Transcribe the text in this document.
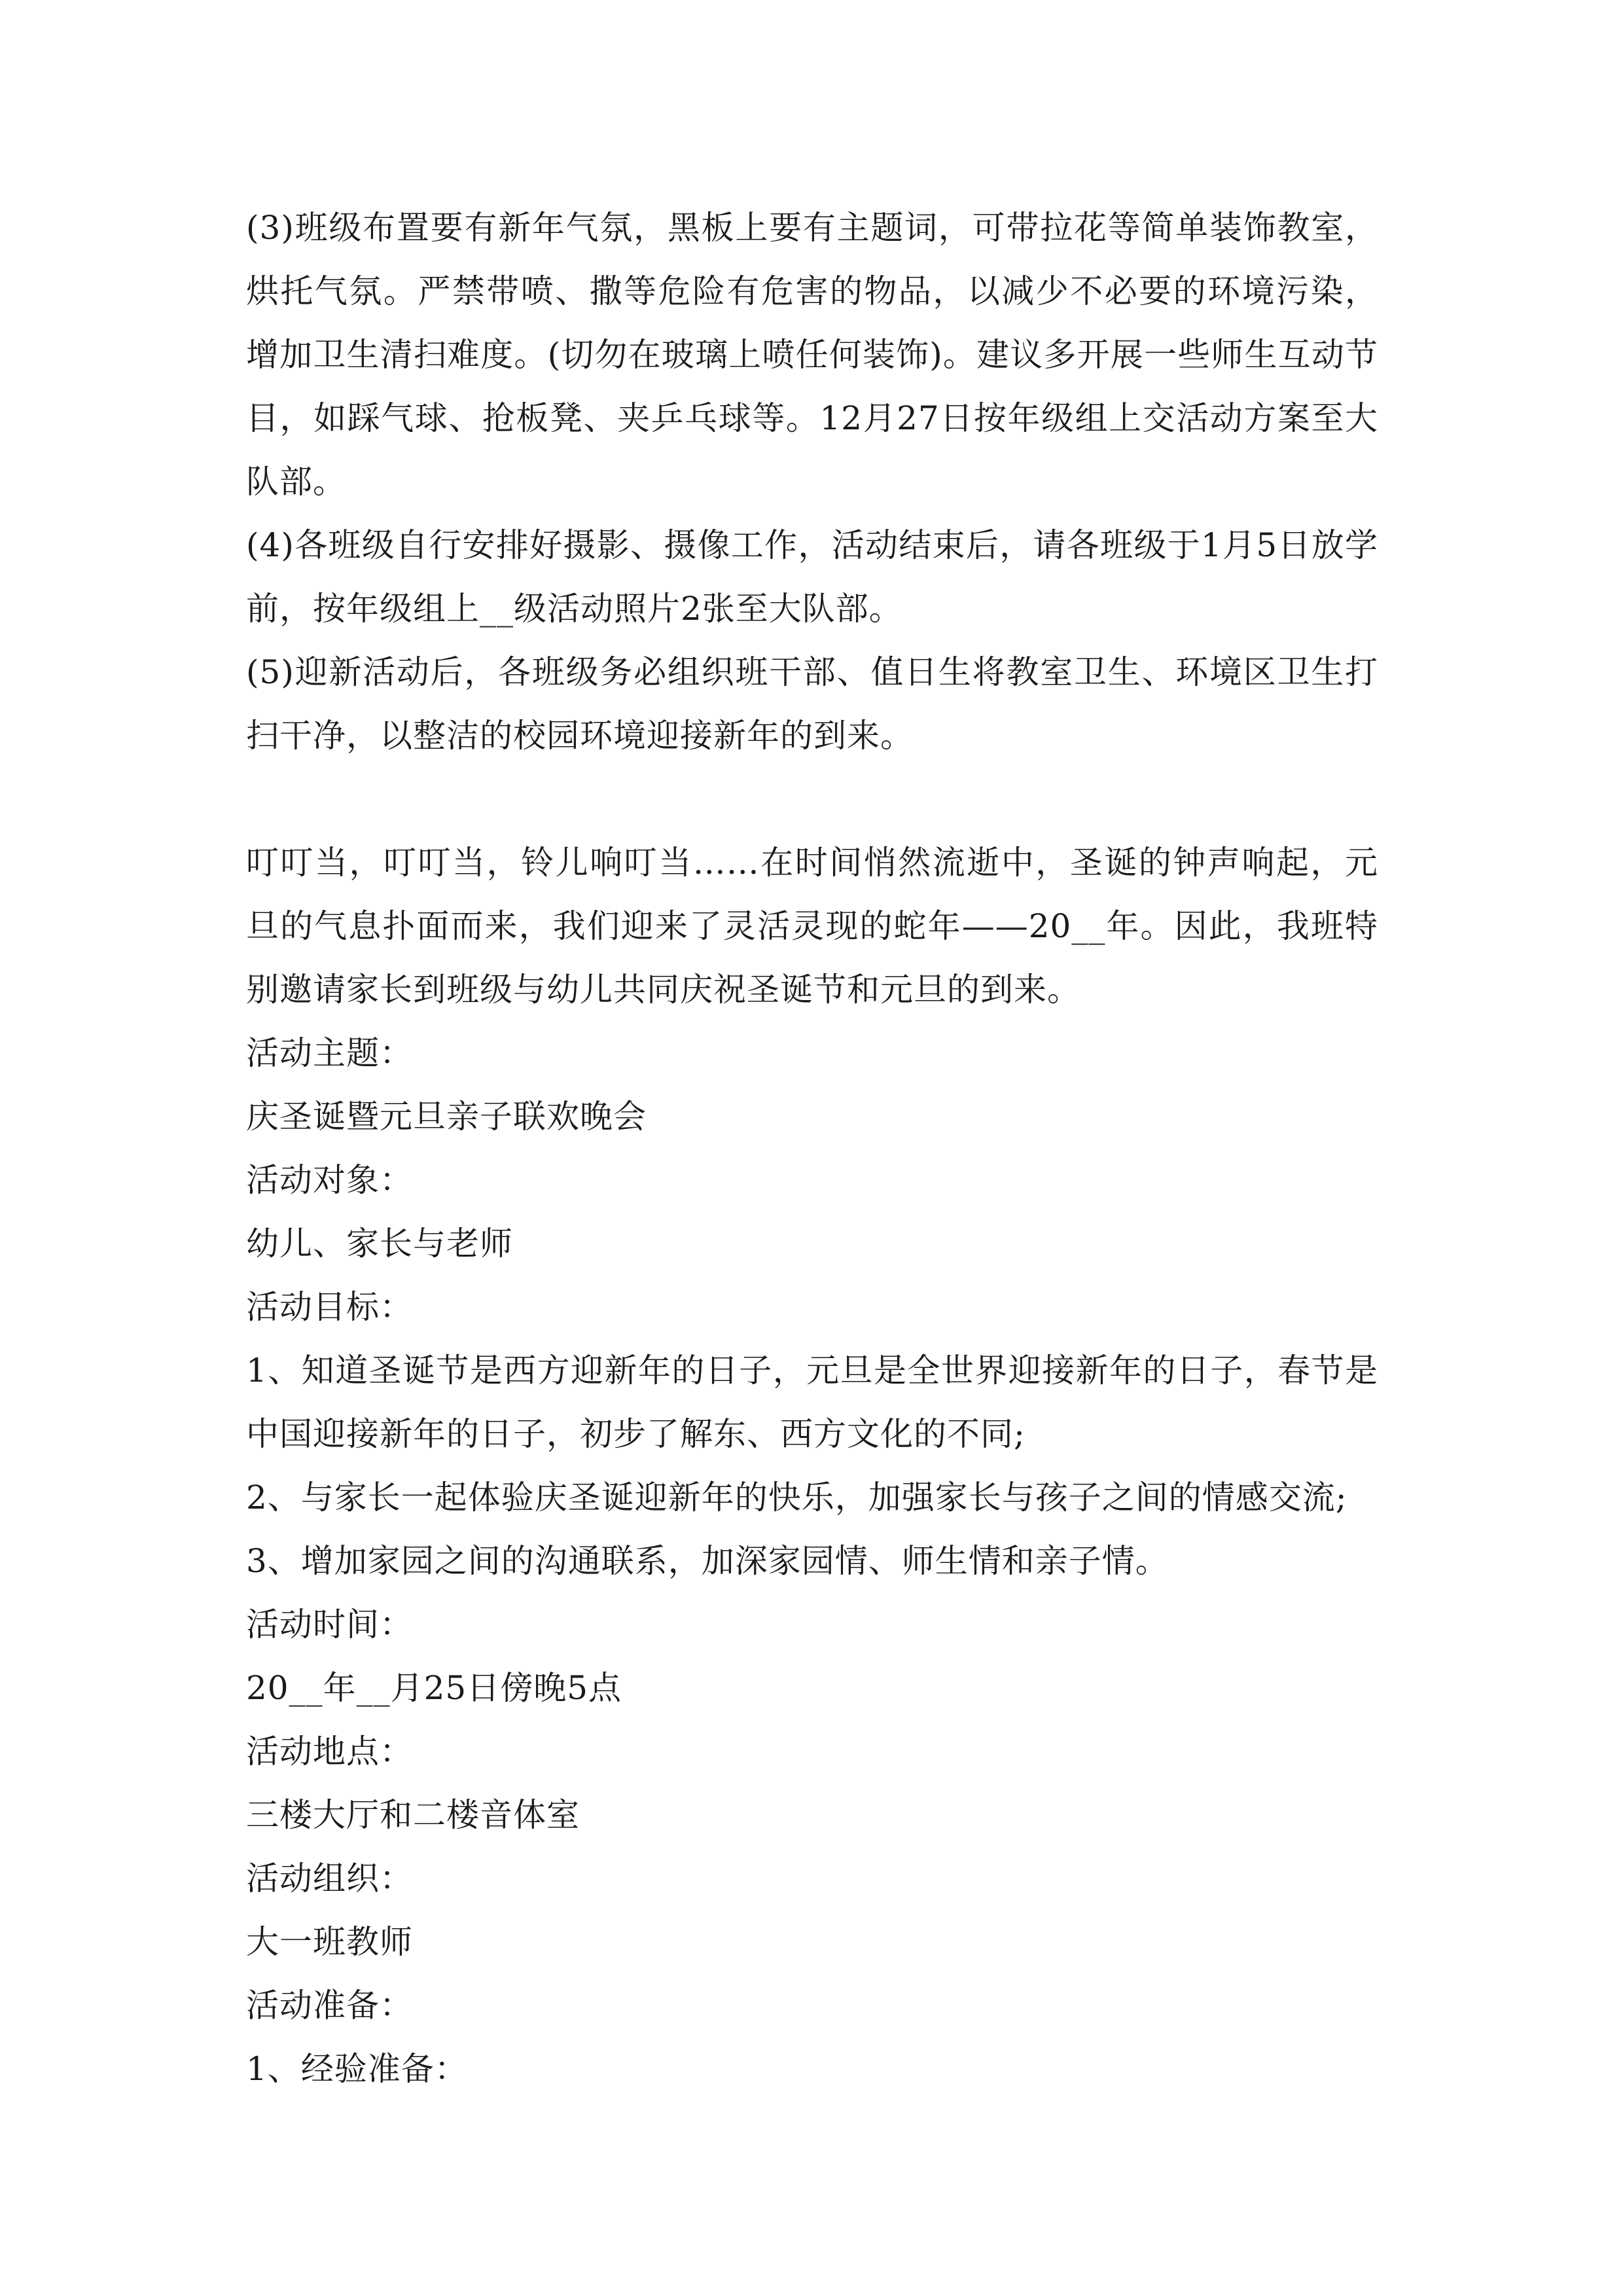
(3)班级布置要有新年气氛，黑板上要有主题词，可带拉花等简单装饰教室，烘托气氛。严禁带喷、撒等危险有危害的物品，以减少不必要的环境污染，增加卫生清扫难度。(切勿在玻璃上喷任何装饰)。建议多开展一些师生互动节目，如踩气球、抢板凳、夹乒乓球等。12月27日按年级组上交活动方案至大队部。

(4)各班级自行安排好摄影、摄像工作，活动结束后，请各班级于1月5日放学前，按年级组上__级活动照片2张至大队部。

(5)迎新活动后，各班级务必组织班干部、值日生将教室卫生、环境区卫生打扫干净，以整洁的校园环境迎接新年的到来。

叮叮当，叮叮当，铃儿响叮当……在时间悄然流逝中，圣诞的钟声响起，元旦的气息扑面而来，我们迎来了灵活灵现的蛇年——20__年。因此，我班特别邀请家长到班级与幼儿共同庆祝圣诞节和元旦的到来。

活动主题：

庆圣诞暨元旦亲子联欢晚会

活动对象：

幼儿、家长与老师

活动目标：

1、知道圣诞节是西方迎新年的日子，元旦是全世界迎接新年的日子，春节是中国迎接新年的日子，初步了解东、西方文化的不同;

2、与家长一起体验庆圣诞迎新年的快乐，加强家长与孩子之间的情感交流;

3、增加家园之间的沟通联系，加深家园情、师生情和亲子情。

活动时间：

20__年__月25日傍晚5点

活动地点：

三楼大厅和二楼音体室

活动组织：

大一班教师

活动准备：

1、经验准备：
